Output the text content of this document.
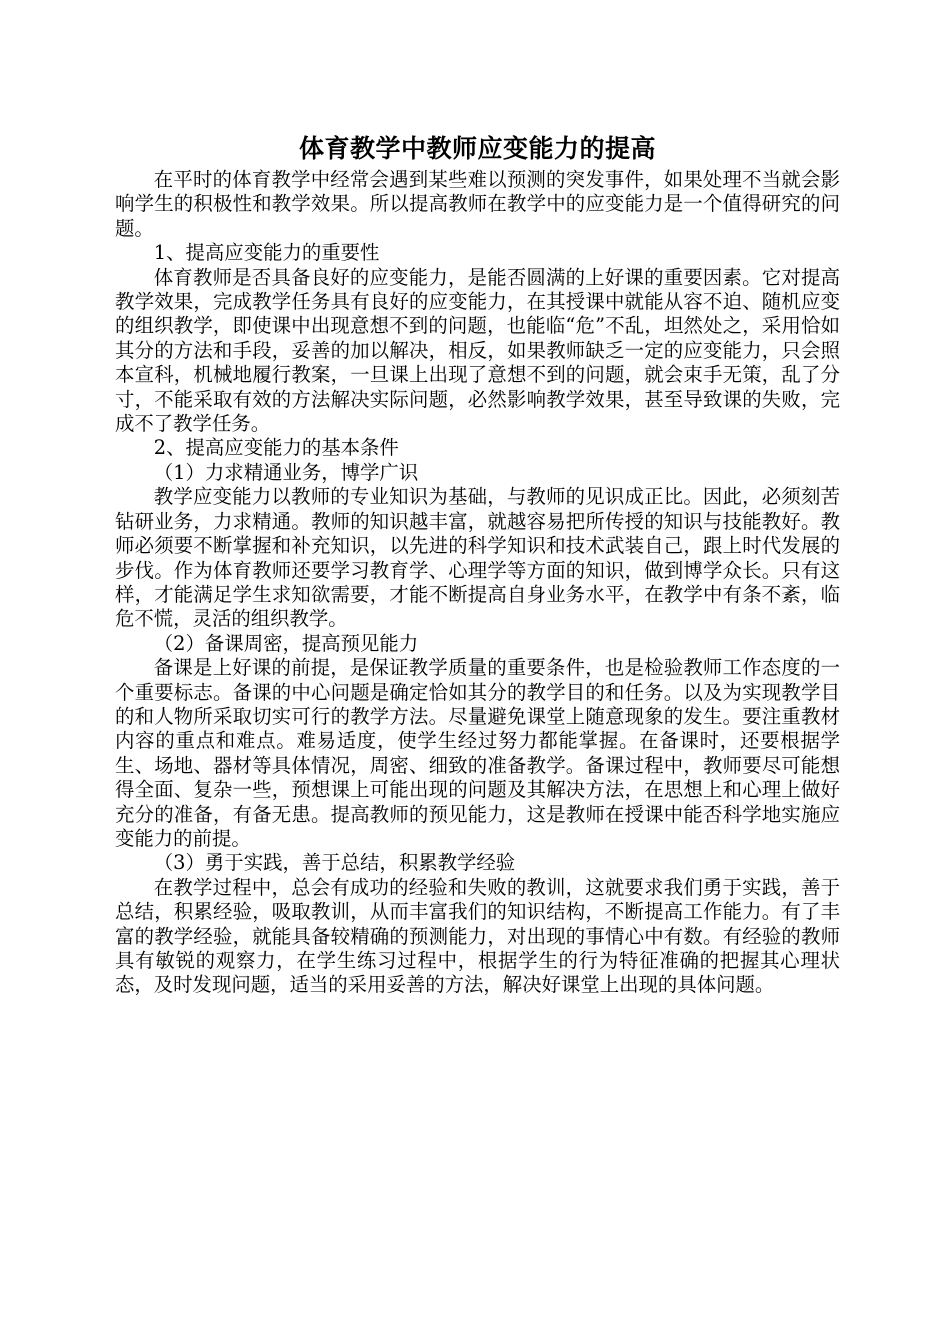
体育教学中教师应变能力的提高

在平时的体育教学中经常会遇到某些难以预测的突发事件，如果处理不当就会影响学生的积极性和教学效果。所以提高教师在教学中的应变能力是一个值得研究的问题。

1、提高应变能力的重要性

体育教师是否具备良好的应变能力，是能否圆满的上好课的重要因素。它对提高教学效果，完成教学任务具有良好的应变能力，在其授课中就能从容不迫、随机应变的组织教学，即使课中出现意想不到的问题，也能临“危”不乱，坦然处之，采用恰如其分的方法和手段，妥善的加以解决，相反，如果教师缺乏一定的应变能力，只会照本宣科，机械地履行教案，一旦课上出现了意想不到的问题，就会束手无策，乱了分寸，不能采取有效的方法解决实际问题，必然影响教学效果，甚至导致课的失败，完成不了教学任务。

2、提高应变能力的基本条件

（1）力求精通业务，博学广识

教学应变能力以教师的专业知识为基础，与教师的见识成正比。因此，必须刻苦钻研业务，力求精通。教师的知识越丰富，就越容易把所传授的知识与技能教好。教师必须要不断掌握和补充知识，以先进的科学知识和技术武装自己，跟上时代发展的步伐。作为体育教师还要学习教育学、心理学等方面的知识，做到博学众长。只有这样，才能满足学生求知欲需要，才能不断提高自身业务水平，在教学中有条不紊，临危不慌，灵活的组织教学。

（2）备课周密，提高预见能力

备课是上好课的前提，是保证教学质量的重要条件，也是检验教师工作态度的一个重要标志。备课的中心问题是确定恰如其分的教学目的和任务。以及为实现教学目的和人物所采取切实可行的教学方法。尽量避免课堂上随意现象的发生。要注重教材内容的重点和难点。难易适度，使学生经过努力都能掌握。在备课时，还要根据学生、场地、器材等具体情况，周密、细致的准备教学。备课过程中，教师要尽可能想得全面、复杂一些，预想课上可能出现的问题及其解决方法，在思想上和心理上做好充分的准备，有备无患。提高教师的预见能力，这是教师在授课中能否科学地实施应变能力的前提。

（3）勇于实践，善于总结，积累教学经验

在教学过程中，总会有成功的经验和失败的教训，这就要求我们勇于实践，善于总结，积累经验，吸取教训，从而丰富我们的知识结构，不断提高工作能力。有了丰富的教学经验，就能具备较精确的预测能力，对出现的事情心中有数。有经验的教师具有敏锐的观察力，在学生练习过程中，根据学生的行为特征准确的把握其心理状态，及时发现问题，适当的采用妥善的方法，解决好课堂上出现的具体问题。
